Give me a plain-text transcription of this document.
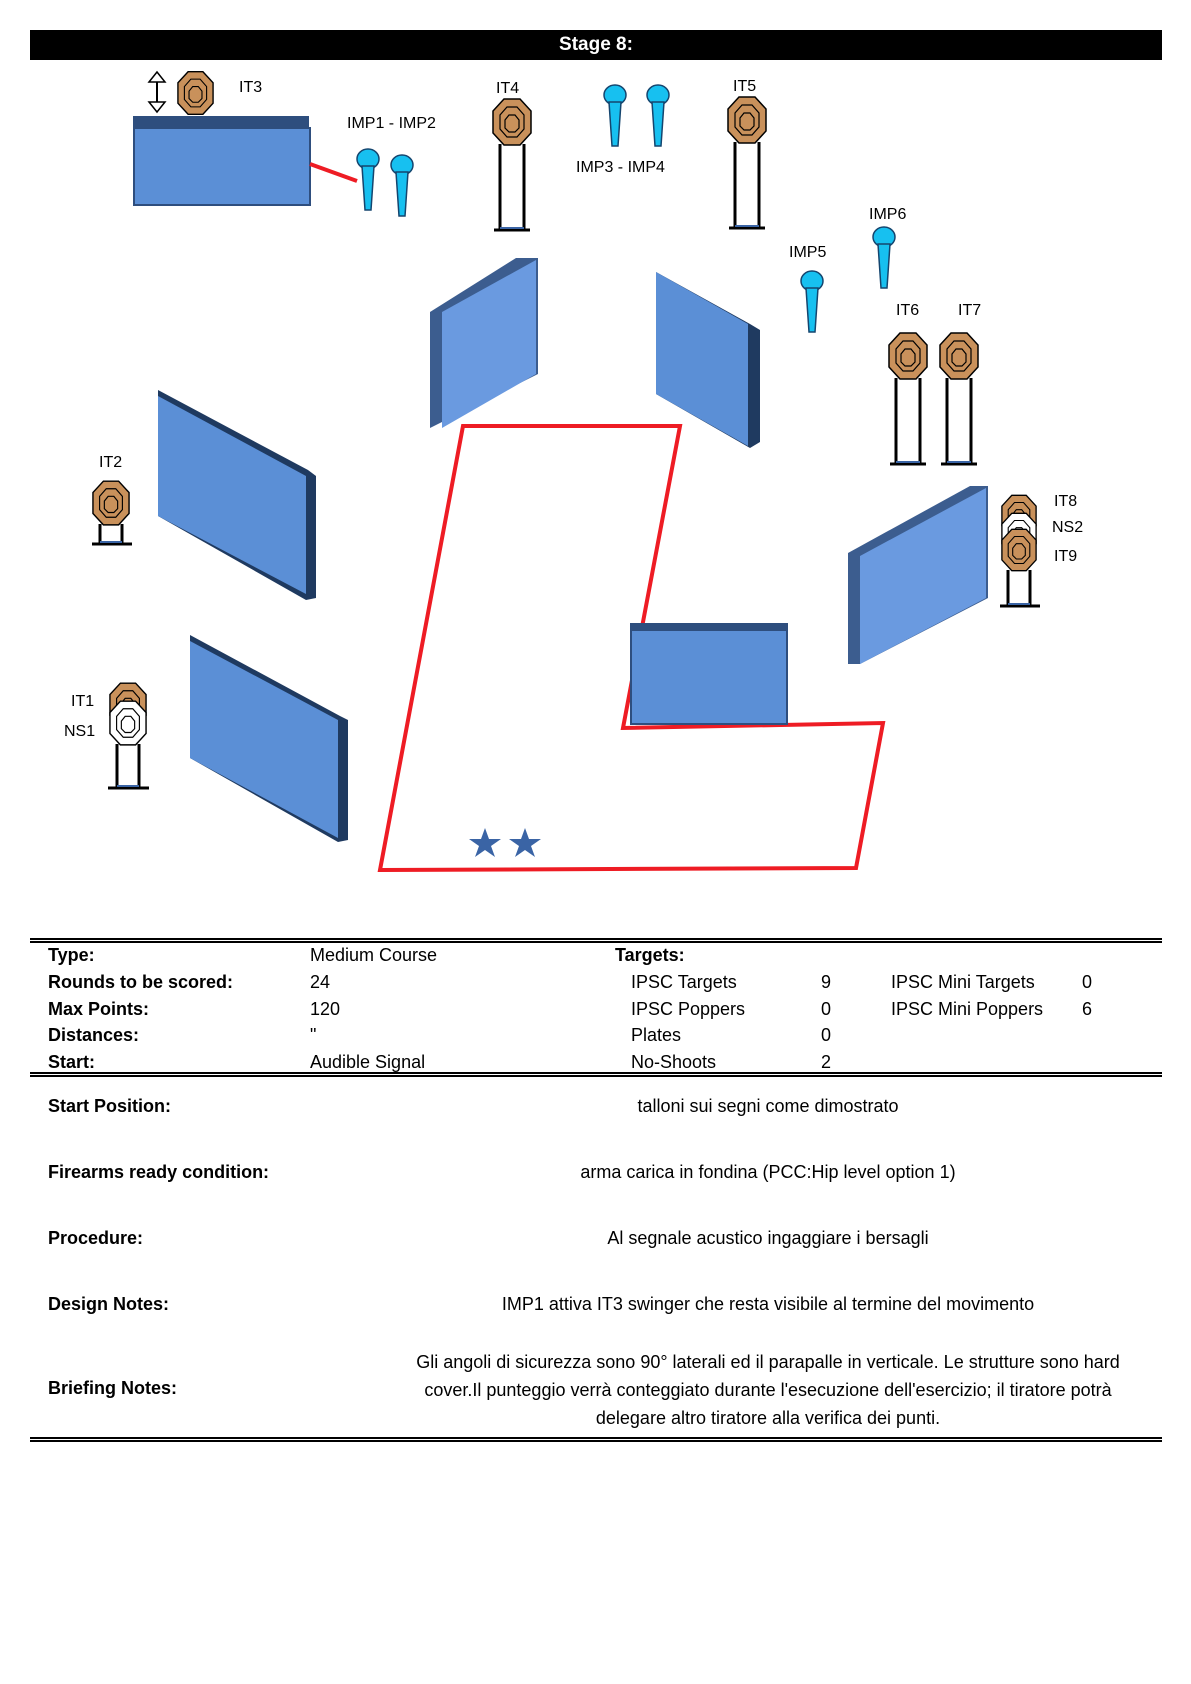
Stage 8:
IT3
IMP1 - IMP2
IT4
IMP3 - IMP4
IT5
IMP6
IMP5
IT6 IT7
IT2
IT8
NS2
IT9
IT1
NS1
Type:	Medium Course	Targets:
Rounds to be scored:	24	IPSC Targets	9	IPSC Mini Targets	0
Max Points:	120	IPSC Poppers	0	IPSC Mini Poppers 6
Distances:	"	Plates	0
Start:	Audible Signal	No-Shoots	2
Start Position:	talloni sui segni come dimostrato
Firearms ready condition:	arma carica in fondina (PCC:Hip level option 1)
Procedure:	Al segnale acustico ingaggiare i bersagli
Design Notes:	IMP1 attiva IT3 swinger che resta visibile al termine del movimento
Briefing Notes:
Gli angoli di sicurezza sono 90° laterali ed il parapalle in verticale. Le strutture sono hard
cover.Il punteggio verrà conteggiato durante l'esecuzione dell'esercizio; il tiratore potrà
delegare altro tiratore alla verifica dei punti.
